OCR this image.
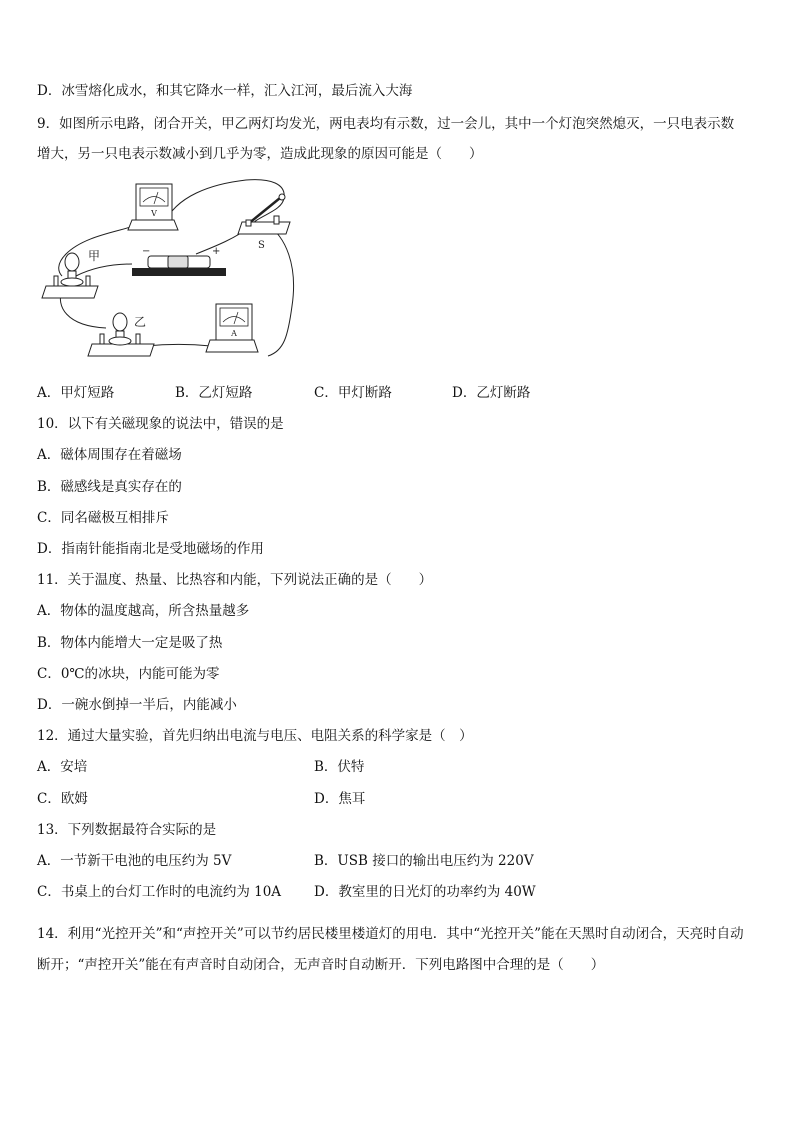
D．冰雪熔化成水，和其它降水一样，汇入江河，最后流入大海
9．如图所示电路，闭合开关，甲乙两灯均发光，两电表均有示数，过一会儿，其中一个灯泡突然熄灭，一只电表示数
增大，另一只电表示数减小到几乎为零，造成此现象的原因可能是（　　）
V
S
−	+
甲
乙
A
A．甲灯短路	B．乙灯短路	C．甲灯断路	D．乙灯断路
10．以下有关磁现象的说法中，错误的是
A．磁体周围存在着磁场
B．磁感线是真实存在的
C．同名磁极互相排斥
D．指南针能指南北是受地磁场的作用
11．关于温度、热量、比热容和内能，下列说法正确的是（　　）
A．物体的温度越高，所含热量越多
B．物体内能增大一定是吸了热
C．0℃的冰块，内能可能为零
D．一碗水倒掉一半后，内能减小
12．通过大量实验，首先归纳出电流与电压、电阻关系的科学家是（　）
A．安培	B．伏特
C．欧姆	D．焦耳
13．下列数据最符合实际的是
A．一节新干电池的电压约为 5V	B．USB 接口的输出电压约为 220V
C．书桌上的台灯工作时的电流约为 10A D．教室里的日光灯的功率约为 40W
14．利用“光控开关”和“声控开关”可以节约居民楼里楼道灯的用电．其中“光控开关”能在天黑时自动闭合，天亮时自动
断开；“声控开关”能在有声音时自动闭合，无声音时自动断开．下列电路图中合理的是（　　）
